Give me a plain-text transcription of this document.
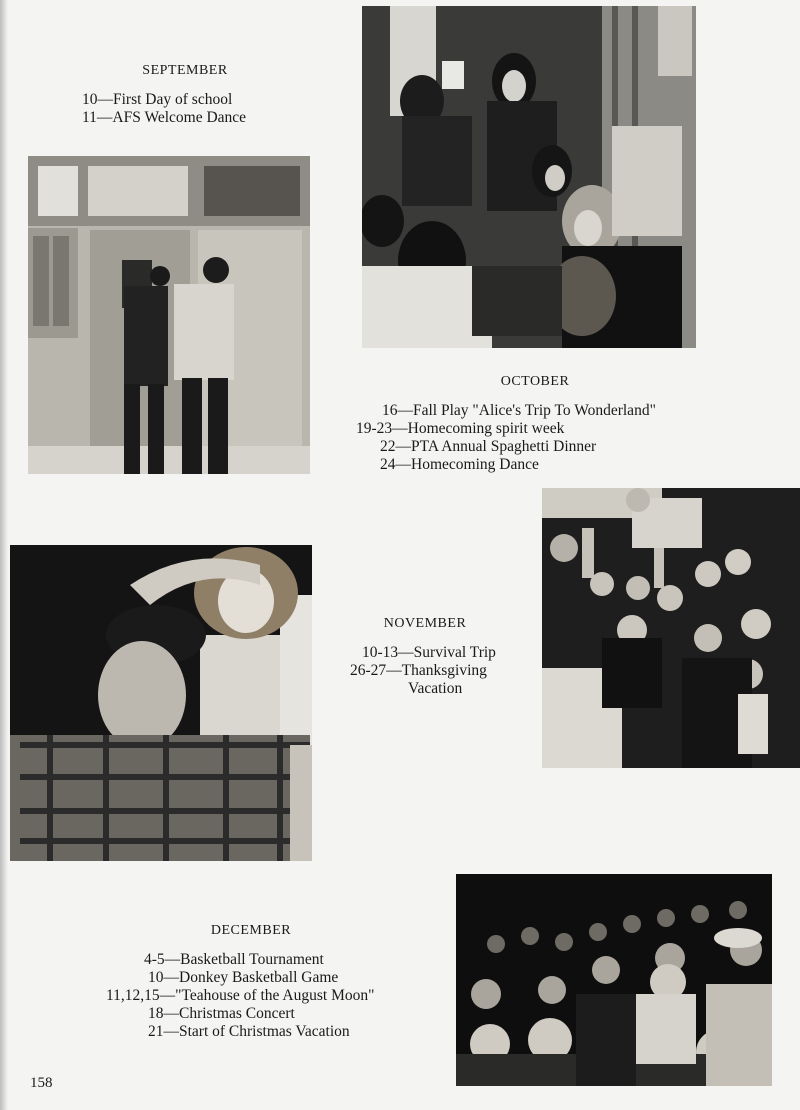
SEPTEMBER
10—First Day of school
11—AFS Welcome Dance
OCTOBER
16—Fall Play "Alice's Trip To Wonderland"
19-23—Homecoming spirit week
22—PTA Annual Spaghetti Dinner
24—Homecoming Dance
NOVEMBER
10-13—Survival Trip
26-27—Thanksgiving
Vacation
DECEMBER
4-5—Basketball Tournament
10—Donkey Basketball Game
11,12,15—"Teahouse of the August Moon"
18—Christmas Concert
21—Start of Christmas Vacation
158
